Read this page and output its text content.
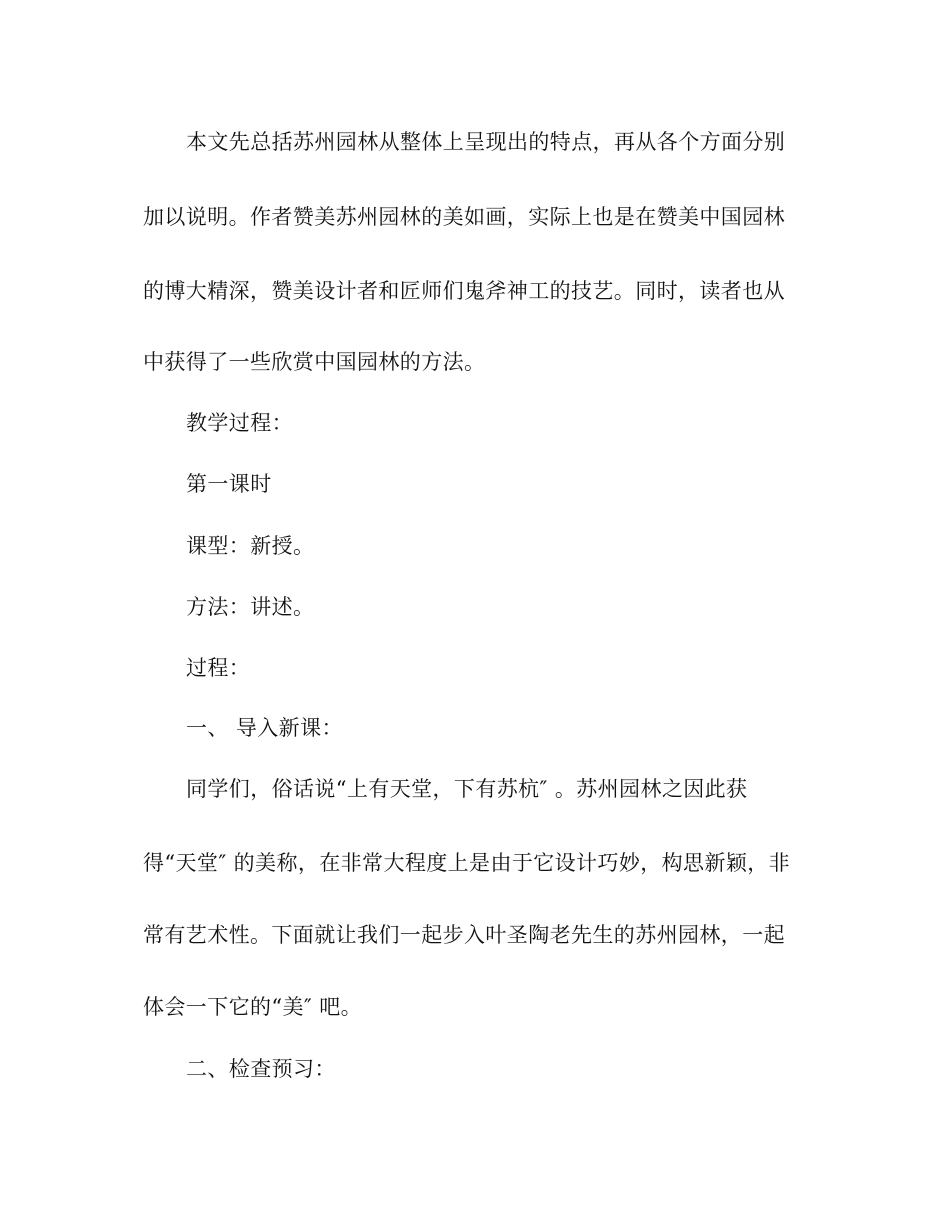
本文先总括苏州园林从整体上呈现出的特点，再从各个方面分别
加以说明。作者赞美苏州园林的美如画，实际上也是在赞美中国园林
的博大精深，赞美设计者和匠师们鬼斧神工的技艺。同时，读者也从
中获得了一些欣赏中国园林的方法。
教学过程：
第一课时
课型：新授。
方法：讲述。
过程：
一、 导入新课：
同学们，俗话说“上有天堂，下有苏杭″ 。苏州园林之因此获
得“天堂″ 的美称，在非常大程度上是由于它设计巧妙，构思新颖，非
常有艺术性。下面就让我们一起步入叶圣陶老先生的苏州园林，一起
体会一下它的“美″ 吧。
二、检查预习：
